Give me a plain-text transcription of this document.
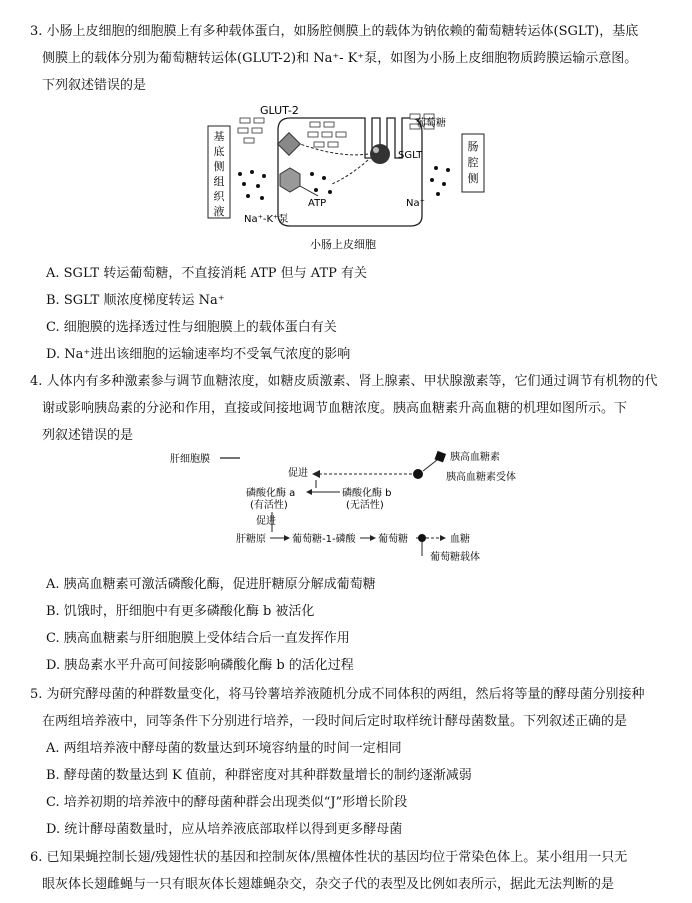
3. 小肠上皮细胞的细胞膜上有多种载体蛋白，如肠腔侧膜上的载体为钠依赖的葡萄糖转运体(SGLT)，基底
侧膜上的载体分别为葡萄糖转运体(GLUT-2)和 Na⁺- K⁺泵，如图为小肠上皮细胞物质跨膜运输示意图。
下列叙述错误的是
基
底
侧
组
织
液
肠
腔
侧
GLUT-2
葡萄糖
SGLT
ATP	Na⁺
Na⁺-K⁺泵
小肠上皮细胞
A. SGLT 转运葡萄糖，不直接消耗 ATP 但与 ATP 有关
B. SGLT 顺浓度梯度转运 Na⁺
C. 细胞膜的选择透过性与细胞膜上的载体蛋白有关
D. Na⁺进出该细胞的运输速率均不受氧气浓度的影响
4. 人体内有多种激素参与调节血糖浓度，如糖皮质激素、肾上腺素、甲状腺激素等，它们通过调节有机物的代
谢或影响胰岛素的分泌和作用，直接或间接地调节血糖浓度。胰高血糖素升高血糖的机理如图所示。下
列叙述错误的是
肝细胞膜	胰高血糖素
胰高血糖素受体
促进
磷酸化酶 a
(有活性)
磷酸化酶 b
(无活性)
促进
肝糖原	葡萄糖-1-磷酸 葡萄糖	血糖
葡萄糖载体
A. 胰高血糖素可激活磷酸化酶，促进肝糖原分解成葡萄糖
B. 饥饿时，肝细胞中有更多磷酸化酶 b 被活化
C. 胰高血糖素与肝细胞膜上受体结合后一直发挥作用
D. 胰岛素水平升高可间接影响磷酸化酶 b 的活化过程
5. 为研究酵母菌的种群数量变化，将马铃薯培养液随机分成不同体积的两组，然后将等量的酵母菌分别接种
在两组培养液中，同等条件下分别进行培养，一段时间后定时取样统计酵母菌数量。下列叙述正确的是
A. 两组培养液中酵母菌的数量达到环境容纳量的时间一定相同
B. 酵母菌的数量达到 K 值前，种群密度对其种群数量增长的制约逐渐减弱
C. 培养初期的培养液中的酵母菌种群会出现类似“J”形增长阶段
D. 统计酵母菌数量时，应从培养液底部取样以得到更多酵母菌
6. 已知果蝇控制长翅/残翅性状的基因和控制灰体/黑檀体性状的基因均位于常染色体上。某小组用一只无
眼灰体长翅雌蝇与一只有眼灰体长翅雄蝇杂交，杂交子代的表型及比例如表所示，据此无法判断的是
